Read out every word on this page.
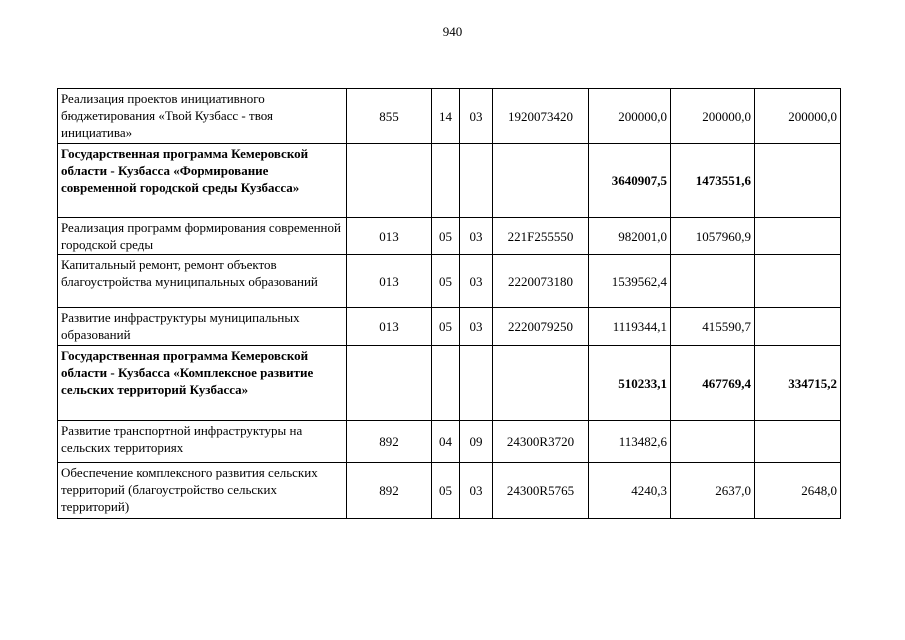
940
Реализация проектов инициативного бюджетирования «Твой Кузбасс - твоя инициатива»	855	14	03	1920073420	200000,0	200000,0	200000,0
Государственная программа Кемеровской области - Кузбасса «Формирование современной городской среды Кузбасса»					3640907,5	1473551,6	
Реализация программ формирования современной городской среды	013	05	03	221F255550	982001,0	1057960,9	
Капитальный ремонт, ремонт объектов благоустройства муниципальных образований	013	05	03	2220073180	1539562,4		
Развитие инфраструктуры муниципальных образований	013	05	03	2220079250	1119344,1	415590,7	
Государственная программа Кемеровской области - Кузбасса «Комплексное развитие сельских территорий Кузбасса»					510233,1	467769,4	334715,2
Развитие транспортной инфраструктуры на сельских территориях	892	04	09	24300R3720	113482,6		
Обеспечение комплексного развития сельских территорий (благоустройство сельских территорий)	892	05	03	24300R5765	4240,3	2637,0	2648,0
